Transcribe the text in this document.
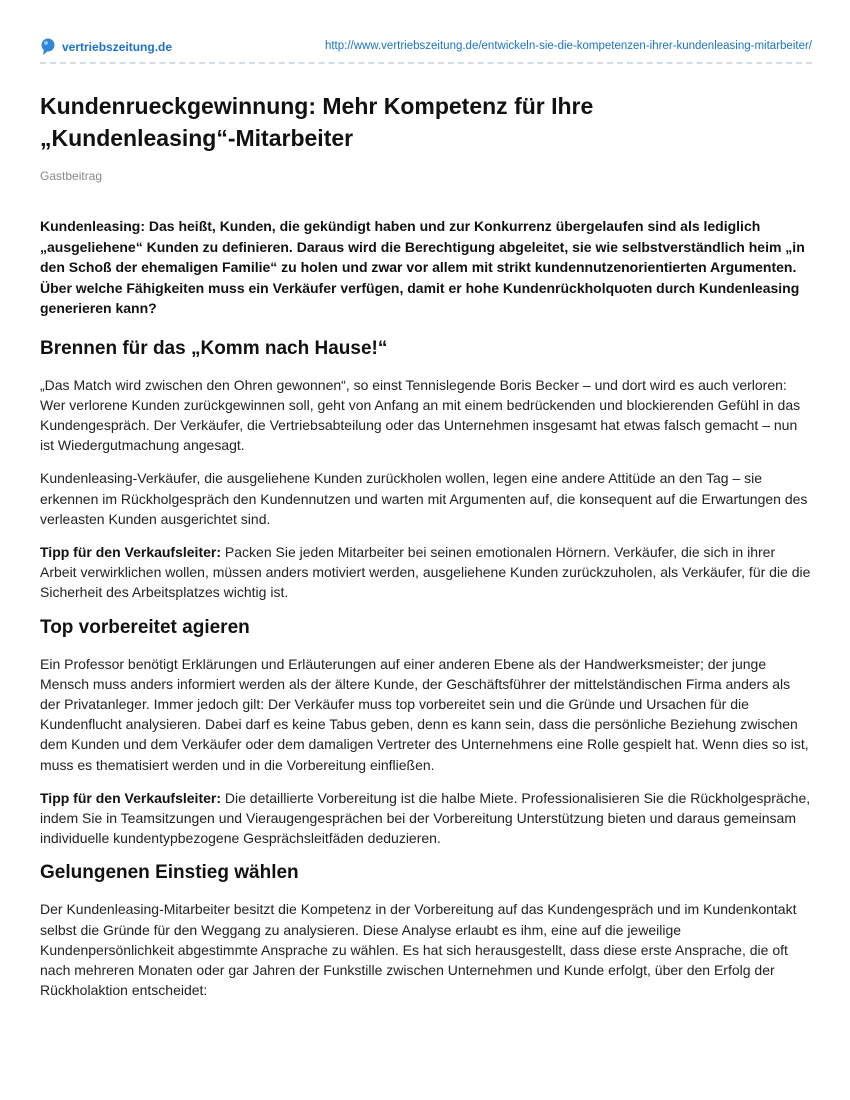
vertriebszeitung.de	http://www.vertriebszeitung.de/entwickeln-sie-die-kompetenzen-ihrer-kundenleasing-mitarbeiter/
Kundenrueckgewinnung: Mehr Kompetenz für Ihre „Kundenleasing“-Mitarbeiter
Gastbeitrag

Kundenleasing: Das heißt, Kunden, die gekündigt haben und zur Konkurrenz übergelaufen sind als lediglich „ausgeliehene“ Kunden zu definieren. Daraus wird die Berechtigung abgeleitet, sie wie selbstverständlich heim „in den Schoß der ehemaligen Familie“ zu holen und zwar vor allem mit strikt kundennutzenorientierten Argumenten. Über welche Fähigkeiten muss ein Verkäufer verfügen, damit er hohe Kundenrückholquoten durch Kundenleasing generieren kann?

Brennen für das „Komm nach Hause!“

„Das Match wird zwischen den Ohren gewonnen“, so einst Tennislegende Boris Becker – und dort wird es auch verloren: Wer verlorene Kunden zurückgewinnen soll, geht von Anfang an mit einem bedrückenden und blockierenden Gefühl in das Kundengespräch. Der Verkäufer, die Vertriebsabteilung oder das Unternehmen insgesamt hat etwas falsch gemacht – nun ist Wiedergutmachung angesagt.

Kundenleasing-Verkäufer, die ausgeliehene Kunden zurückholen wollen, legen eine andere Attitüde an den Tag – sie erkennen im Rückholgespräch den Kundennutzen und warten mit Argumenten auf, die konsequent auf die Erwartungen des verleasten Kunden ausgerichtet sind.

Tipp für den Verkaufsleiter: Packen Sie jeden Mitarbeiter bei seinen emotionalen Hörnern. Verkäufer, die sich in ihrer Arbeit verwirklichen wollen, müssen anders motiviert werden, ausgeliehene Kunden zurückzuholen, als Verkäufer, für die die Sicherheit des Arbeitsplatzes wichtig ist.

Top vorbereitet agieren

Ein Professor benötigt Erklärungen und Erläuterungen auf einer anderen Ebene als der Handwerksmeister; der junge Mensch muss anders informiert werden als der ältere Kunde, der Geschäftsführer der mittelständischen Firma anders als der Privatanleger. Immer jedoch gilt: Der Verkäufer muss top vorbereitet sein und die Gründe und Ursachen für die Kundenflucht analysieren. Dabei darf es keine Tabus geben, denn es kann sein, dass die persönliche Beziehung zwischen dem Kunden und dem Verkäufer oder dem damaligen Vertreter des Unternehmens eine Rolle gespielt hat. Wenn dies so ist, muss es thematisiert werden und in die Vorbereitung einfließen.

Tipp für den Verkaufsleiter: Die detaillierte Vorbereitung ist die halbe Miete. Professionalisieren Sie die Rückholgespräche, indem Sie in Teamsitzungen und Vieraugengesprächen bei der Vorbereitung Unterstützung bieten und daraus gemeinsam individuelle kundentypbezogene Gesprächsleitfäden deduzieren.

Gelungenen Einstieg wählen

Der Kundenleasing-Mitarbeiter besitzt die Kompetenz in der Vorbereitung auf das Kundengespräch und im Kundenkontakt selbst die Gründe für den Weggang zu analysieren. Diese Analyse erlaubt es ihm, eine auf die jeweilige Kundenpersönlichkeit abgestimmte Ansprache zu wählen. Es hat sich herausgestellt, dass diese erste Ansprache, die oft nach mehreren Monaten oder gar Jahren der Funkstille zwischen Unternehmen und Kunde erfolgt, über den Erfolg der Rückholaktion entscheidet:
